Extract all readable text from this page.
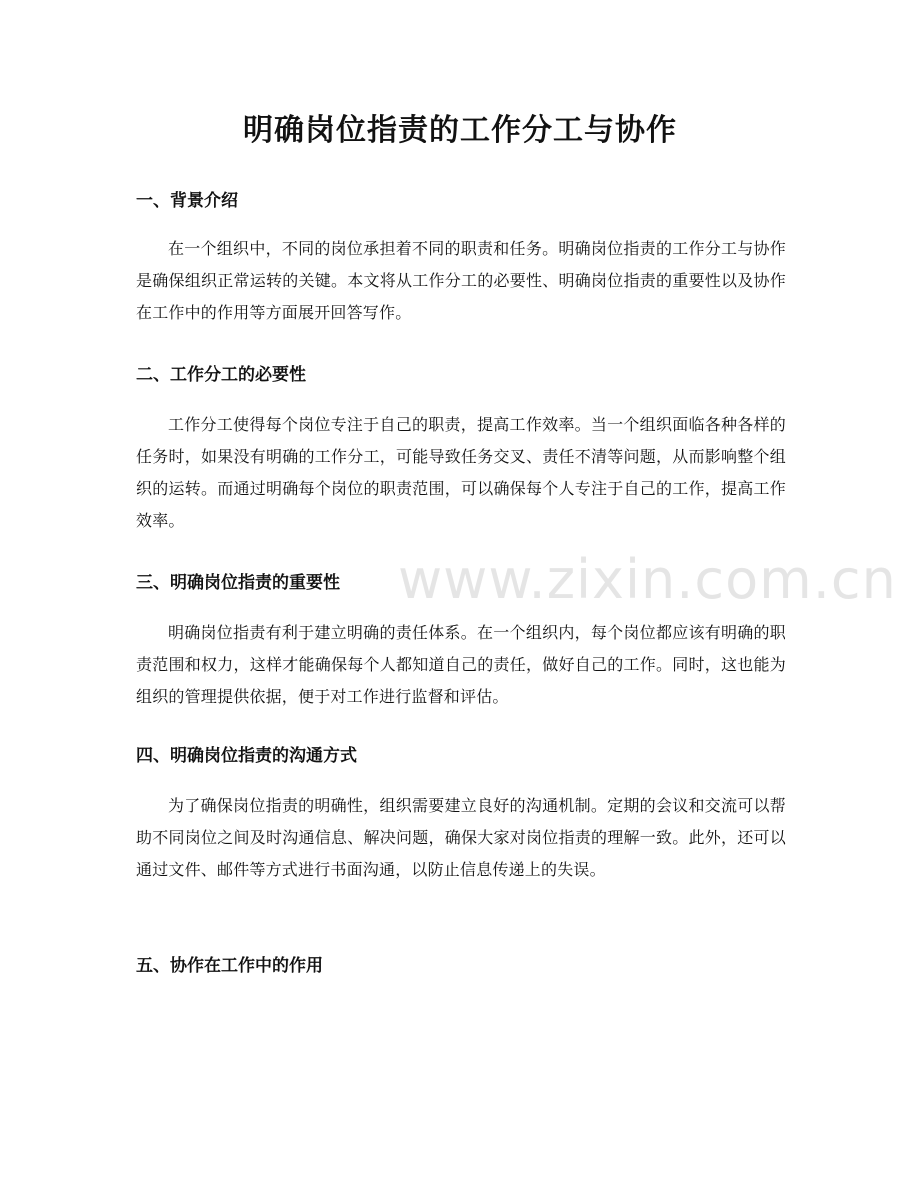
明确岗位指责的工作分工与协作
一、背景介绍

在一个组织中，不同的岗位承担着不同的职责和任务。明确岗位指责的工作分工与协作是确保组织正常运转的关键。本文将从工作分工的必要性、明确岗位指责的重要性以及协作在工作中的作用等方面展开回答写作。

二、工作分工的必要性

工作分工使得每个岗位专注于自己的职责，提高工作效率。当一个组织面临各种各样的任务时，如果没有明确的工作分工，可能导致任务交叉、责任不清等问题，从而影响整个组织的运转。而通过明确每个岗位的职责范围，可以确保每个人专注于自己的工作，提高工作效率。

三、明确岗位指责的重要性

明确岗位指责有利于建立明确的责任体系。在一个组织内，每个岗位都应该有明确的职责范围和权力，这样才能确保每个人都知道自己的责任，做好自己的工作。同时，这也能为组织的管理提供依据，便于对工作进行监督和评估。

四、明确岗位指责的沟通方式

为了确保岗位指责的明确性，组织需要建立良好的沟通机制。定期的会议和交流可以帮助不同岗位之间及时沟通信息、解决问题，确保大家对岗位指责的理解一致。此外，还可以通过文件、邮件等方式进行书面沟通，以防止信息传递上的失误。

五、协作在工作中的作用
www.zixin.com.cn
